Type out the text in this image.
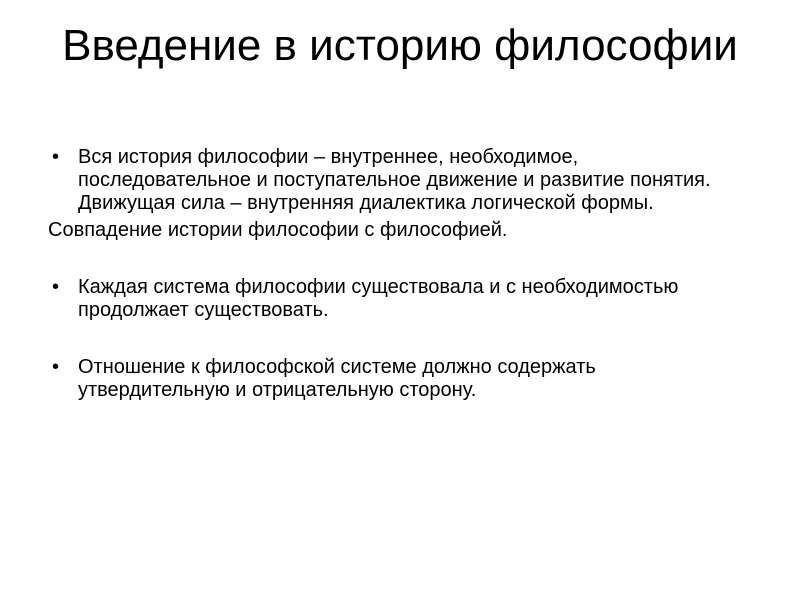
Введение в историю философии
• Вся история философии – внутреннее, необходимое, последовательное и поступательное движение и развитие понятия. Движущая сила – внутренняя диалектика логической формы.
Совпадение истории философии с философией.
• Каждая система философии существовала и с необходимостью продолжает существовать.
• Отношение к философской системе должно содержать утвердительную и отрицательную сторону.
